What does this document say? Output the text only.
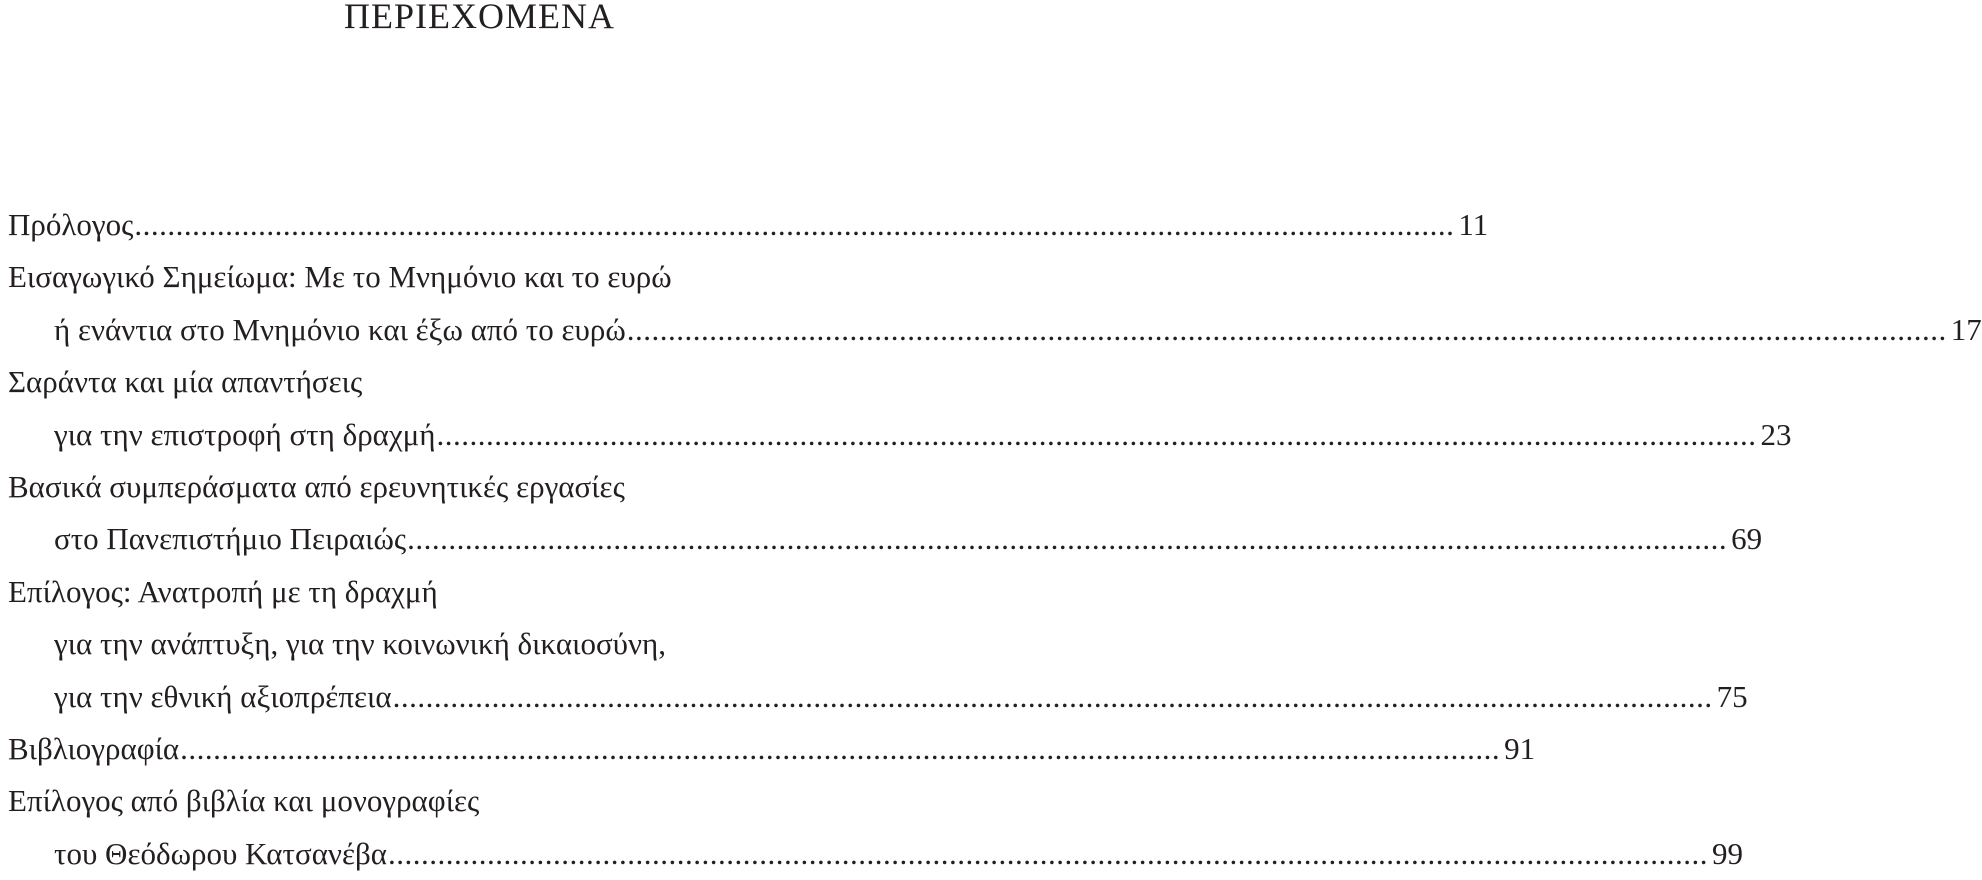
ΠΕΡΙΕΧΟΜΕΝΑ
Πρόλογος ................................................................................................................................................................ 11
Εισαγωγικό Σημείωμα: Με το Μνημόνιο και το ευρώ
ή ενάντια στο Μνημόνιο και έξω από το ευρώ ................................................................................................................................................................ 17
Σαράντα και μία απαντήσεις
για την επιστροφή στη δραχμή ................................................................................................................................................................ 23
Βασικά συμπεράσματα από ερευνητικές εργασίες
στο Πανεπιστήμιο Πειραιώς ................................................................................................................................................................ 69
Επίλογος: Ανατροπή με τη δραχμή
για την ανάπτυξη, για την κοινωνική δικαιοσύνη,
για την εθνική αξιοπρέπεια ................................................................................................................................................................ 75
Βιβλιογραφία ................................................................................................................................................................ 91
Επίλογος από βιβλία και μονογραφίες
του Θεόδωρου Κατσανέβα ................................................................................................................................................................ 99
